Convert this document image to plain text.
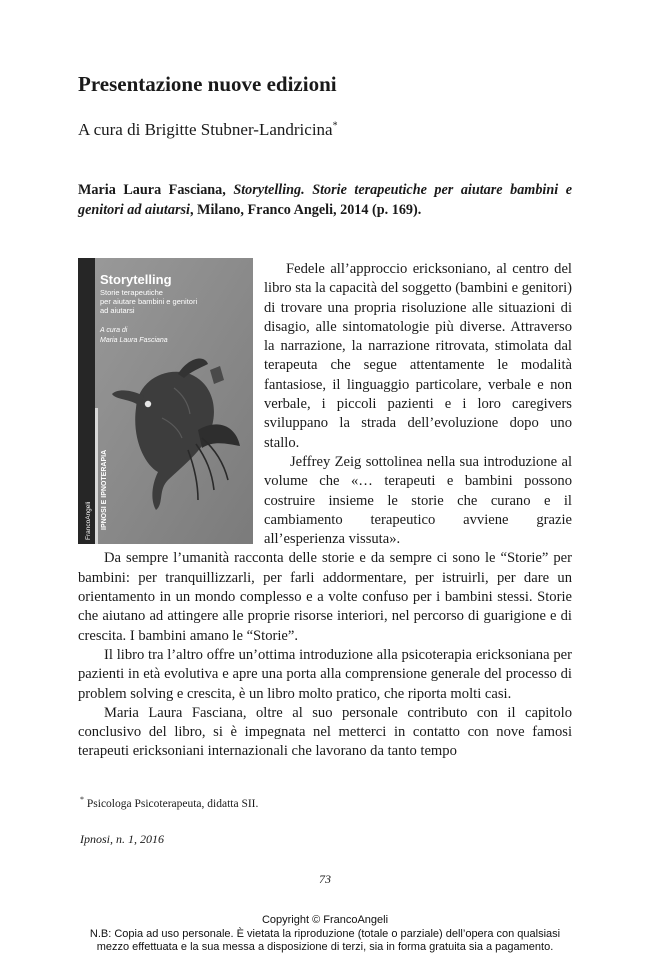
Presentazione nuove edizioni
A cura di Brigitte Stubner-Landricina*
Maria Laura Fasciana, Storytelling. Storie terapeutiche per aiutare bambini e genitori ad aiutarsi, Milano, Franco Angeli, 2014 (p. 169).
Storytelling
Storie terapeutiche
per aiutare bambini e genitori
ad aiutarsi
A cura di
Maria Laura Fasciana
FrancoAngeli IPNOSI E IPNOTERAPIA

Fedele all’approccio ericksoniano, al centro del libro sta la capacità del soggetto (bambini e genitori) di trovare una propria risoluzione alle situazioni di disagio, alle sintomatologie più diverse. Attraverso la narrazione, la narrazione ritrovata, stimolata dal terapeuta che segue attentamente le modalità fantasiose, il linguaggio particolare, verbale e non verbale, i piccoli pazienti e i loro caregivers sviluppano la strada dell’evoluzione dopo uno stallo.

Jeffrey Zeig sottolinea nella sua introduzione al volume che «… terapeuti e bambini possono costruire insieme le storie che curano e il cambiamento terapeutico avviene grazie all’esperienza vissuta».

Da sempre l’umanità racconta delle storie e da sempre ci sono le “Storie” per bambini: per tranquillizzarli, per farli addormentare, per istruirli, per dare un orientamento in un mondo complesso e a volte confuso per i bambini stessi. Storie che aiutano ad attingere alle proprie risorse interiori, nel percorso di guarigione e di crescita. I bambini amano le “Storie”.

Il libro tra l’altro offre un’ottima introduzione alla psicoterapia ericksoniana per pazienti in età evolutiva e apre una porta alla comprensione generale del processo di problem solving e crescita, è un libro molto pratico, che riporta molti casi.

Maria Laura Fasciana, oltre al suo personale contributo con il capitolo conclusivo del libro, si è impegnata nel metterci in contatto con nove famosi terapeuti ericksoniani internazionali che lavorano da tanto tempo

* Psicologa Psicoterapeuta, didatta SII.
Ipnosi, n. 1, 2016
73
Copyright © FrancoAngeli
N.B: Copia ad uso personale. È vietata la riproduzione (totale o parziale) dell’opera con qualsiasi
mezzo effettuata e la sua messa a disposizione di terzi, sia in forma gratuita sia a pagamento.
